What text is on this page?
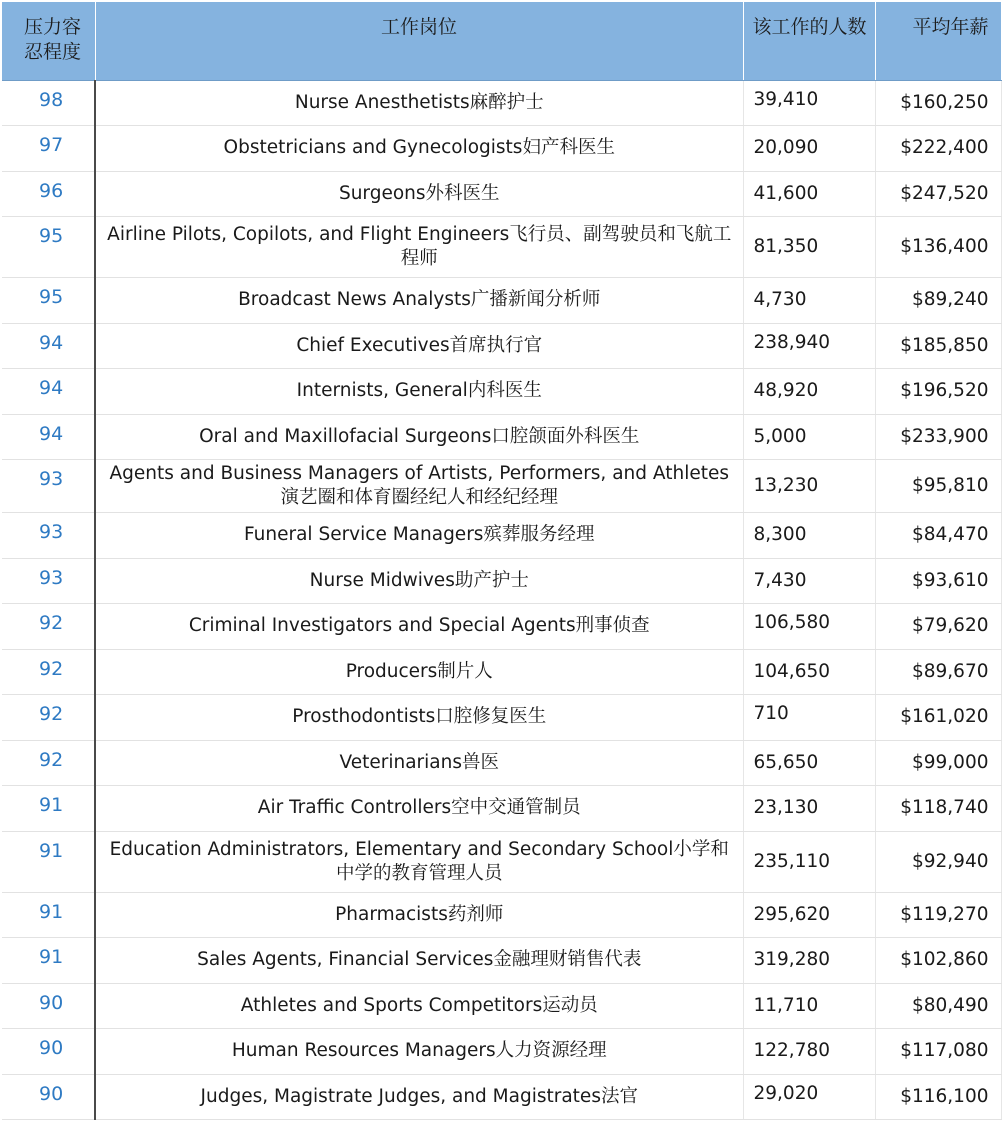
压力容忍程度	工作岗位	该工作的人数	平均年薪
98	Nurse Anesthetists麻醉护士	39,410	$160,250
97	Obstetricians and Gynecologists妇产科医生	20,090	$222,400
96	Surgeons外科医生	41,600	$247,520
95	Airline Pilots, Copilots, and Flight Engineers飞行员、副驾驶员和飞航工程师	81,350	$136,400
95	Broadcast News Analysts广播新闻分析师	4,730	$89,240
94	Chief Executives首席执行官	238,940	$185,850
94	Internists, General内科医生	48,920	$196,520
94	Oral and Maxillofacial Surgeons口腔颌面外科医生	5,000	$233,900
93	Agents and Business Managers of Artists, Performers, and Athletes演艺圈和体育圈经纪人和经纪经理	13,230	$95,810
93	Funeral Service Managers殡葬服务经理	8,300	$84,470
93	Nurse Midwives助产护士	7,430	$93,610
92	Criminal Investigators and Special Agents刑事侦查	106,580	$79,620
92	Producers制片人	104,650	$89,670
92	Prosthodontists口腔修复医生	710	$161,020
92	Veterinarians兽医	65,650	$99,000
91	Air Traffic Controllers空中交通管制员	23,130	$118,740
91	Education Administrators, Elementary and Secondary School小学和中学的教育管理人员	235,110	$92,940
91	Pharmacists药剂师	295,620	$119,270
91	Sales Agents, Financial Services金融理财销售代表	319,280	$102,860
90	Athletes and Sports Competitors运动员	11,710	$80,490
90	Human Resources Managers人力资源经理	122,780	$117,080
90	Judges, Magistrate Judges, and Magistrates法官	29,020	$116,100
